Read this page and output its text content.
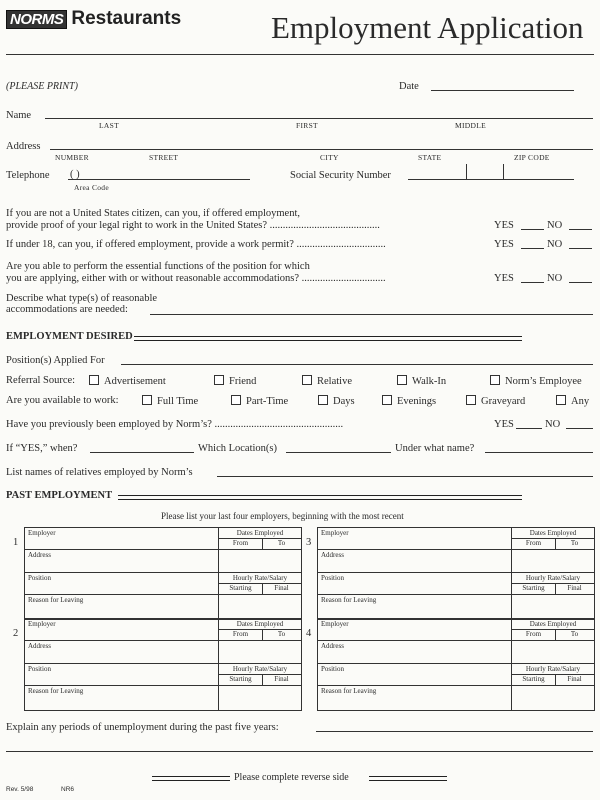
NORMS Restaurants	Employment Application
(PLEASE PRINT)	Date
Name
LAST	FIRST	MIDDLE
Address
NUMBER	STREET	CITY	STATE	ZIP CODE
Telephone ( )
Area Code
Social Security Number
If you are not a United States citizen, can you, if offered employment,
provide proof of your legal right to work in the United States? ..........................................	YES	NO
If under 18, can you, if offered employment, provide a work permit? ..................................	YES	NO
Are you able to perform the essential functions of the position for which
you are applying, either with or without reasonable accommodations? ................................	YES	NO
Describe what type(s) of reasonable
accommodations are needed:
EMPLOYMENT DESIRED
Position(s) Applied For
Referral Source:	Advertisement	Friend	Relative	Walk-In	Norm’s Employee
Are you available to work:	Full Time	Part-Time	Days	Evenings	Graveyard	Any
Have you previously been employed by Norm’s? .................................................	YES	NO
If “YES,” when?	Which Location(s)	Under what name?
List names of relatives employed by Norm’s
PAST EMPLOYMENT
Please list your last four employers, beginning with the most recent
Employer	Dates Employed
From	To
Address
Position	Hourly Rate/Salary
Starting	Final
Reason for Leaving
1
Employer	Dates Employed
From	To
Address
Position	Hourly Rate/Salary
Starting	Final
Reason for Leaving
2
Employer	Dates Employed
From	To
Address
Position	Hourly Rate/Salary
Starting	Final
Reason for Leaving
3
Employer	Dates Employed
From	To
Address
Position	Hourly Rate/Salary
Starting	Final
Reason for Leaving
4
Explain any periods of unemployment during the past five years:
Please complete reverse side
Rev. 5/98	NR6
